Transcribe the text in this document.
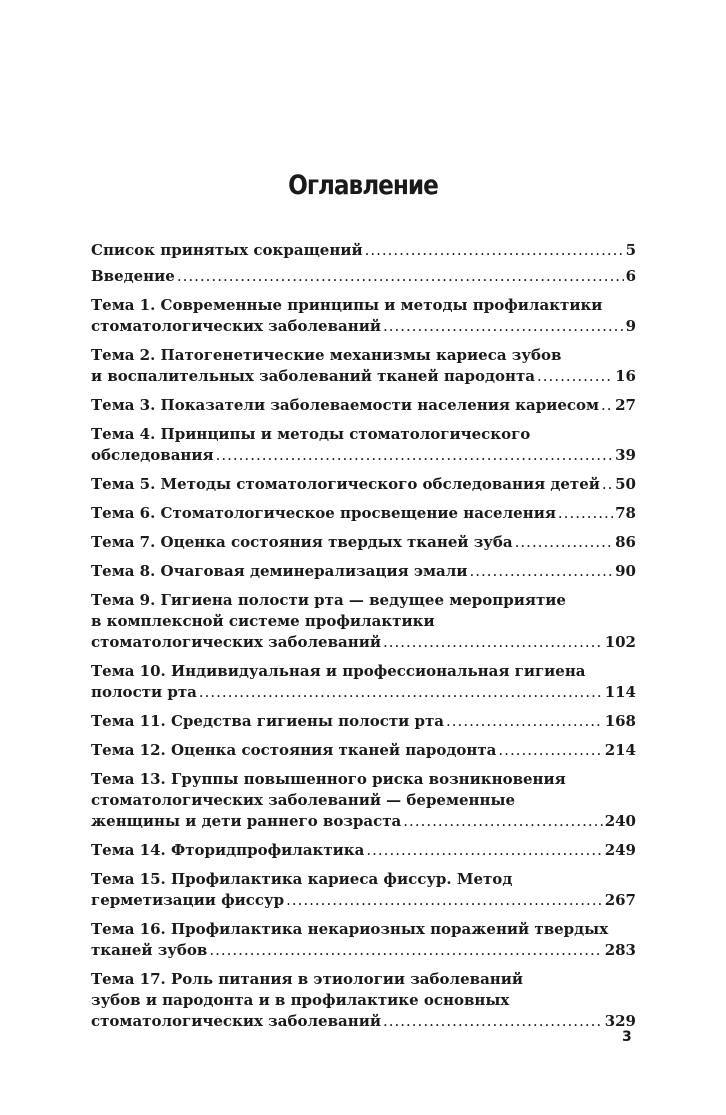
Оглавление
Список принятых сокращений .....	5
Введение .....	6
Тема 1. Современные принципы и методы профилактики
стоматологических заболеваний .....	9
Тема 2. Патогенетические механизмы кариеса зубов
и воспалительных заболеваний тканей пародонта .....	16
Тема 3. Показатели заболеваемости населения кариесом ..... 27
Тема 4. Принципы и методы стоматологического
обследования .....	39
Тема 5. Методы стоматологического обследования детей ..... 50
Тема 6. Стоматологическое просвещение населения .....	78
Тема 7. Оценка состояния твердых тканей зуба .....	86
Тема 8. Очаговая деминерализация эмали .....	90
Тема 9. Гигиена полости рта — ведущее мероприятие
в комплексной системе профилактики
стоматологических заболеваний .....	102
Тема 10. Индивидуальная и профессиональная гигиена
полости рта .....	114
Тема 11. Средства гигиены полости рта .....	168
Тема 12. Оценка состояния тканей пародонта .....	214
Тема 13. Группы повышенного риска возникновения
стоматологических заболеваний — беременные
женщины и дети раннего возраста .....	240
Тема 14. Фторидпрофилактика .....	249
Тема 15. Профилактика кариеса фиссур. Метод
герметизации фиссур .....	267
Тема 16. Профилактика некариозных поражений твердых
тканей зубов .....	283
Тема 17. Роль питания в этиологии заболеваний
зубов и пародонта и в профилактике основных
стоматологических заболеваний .....	329
3
